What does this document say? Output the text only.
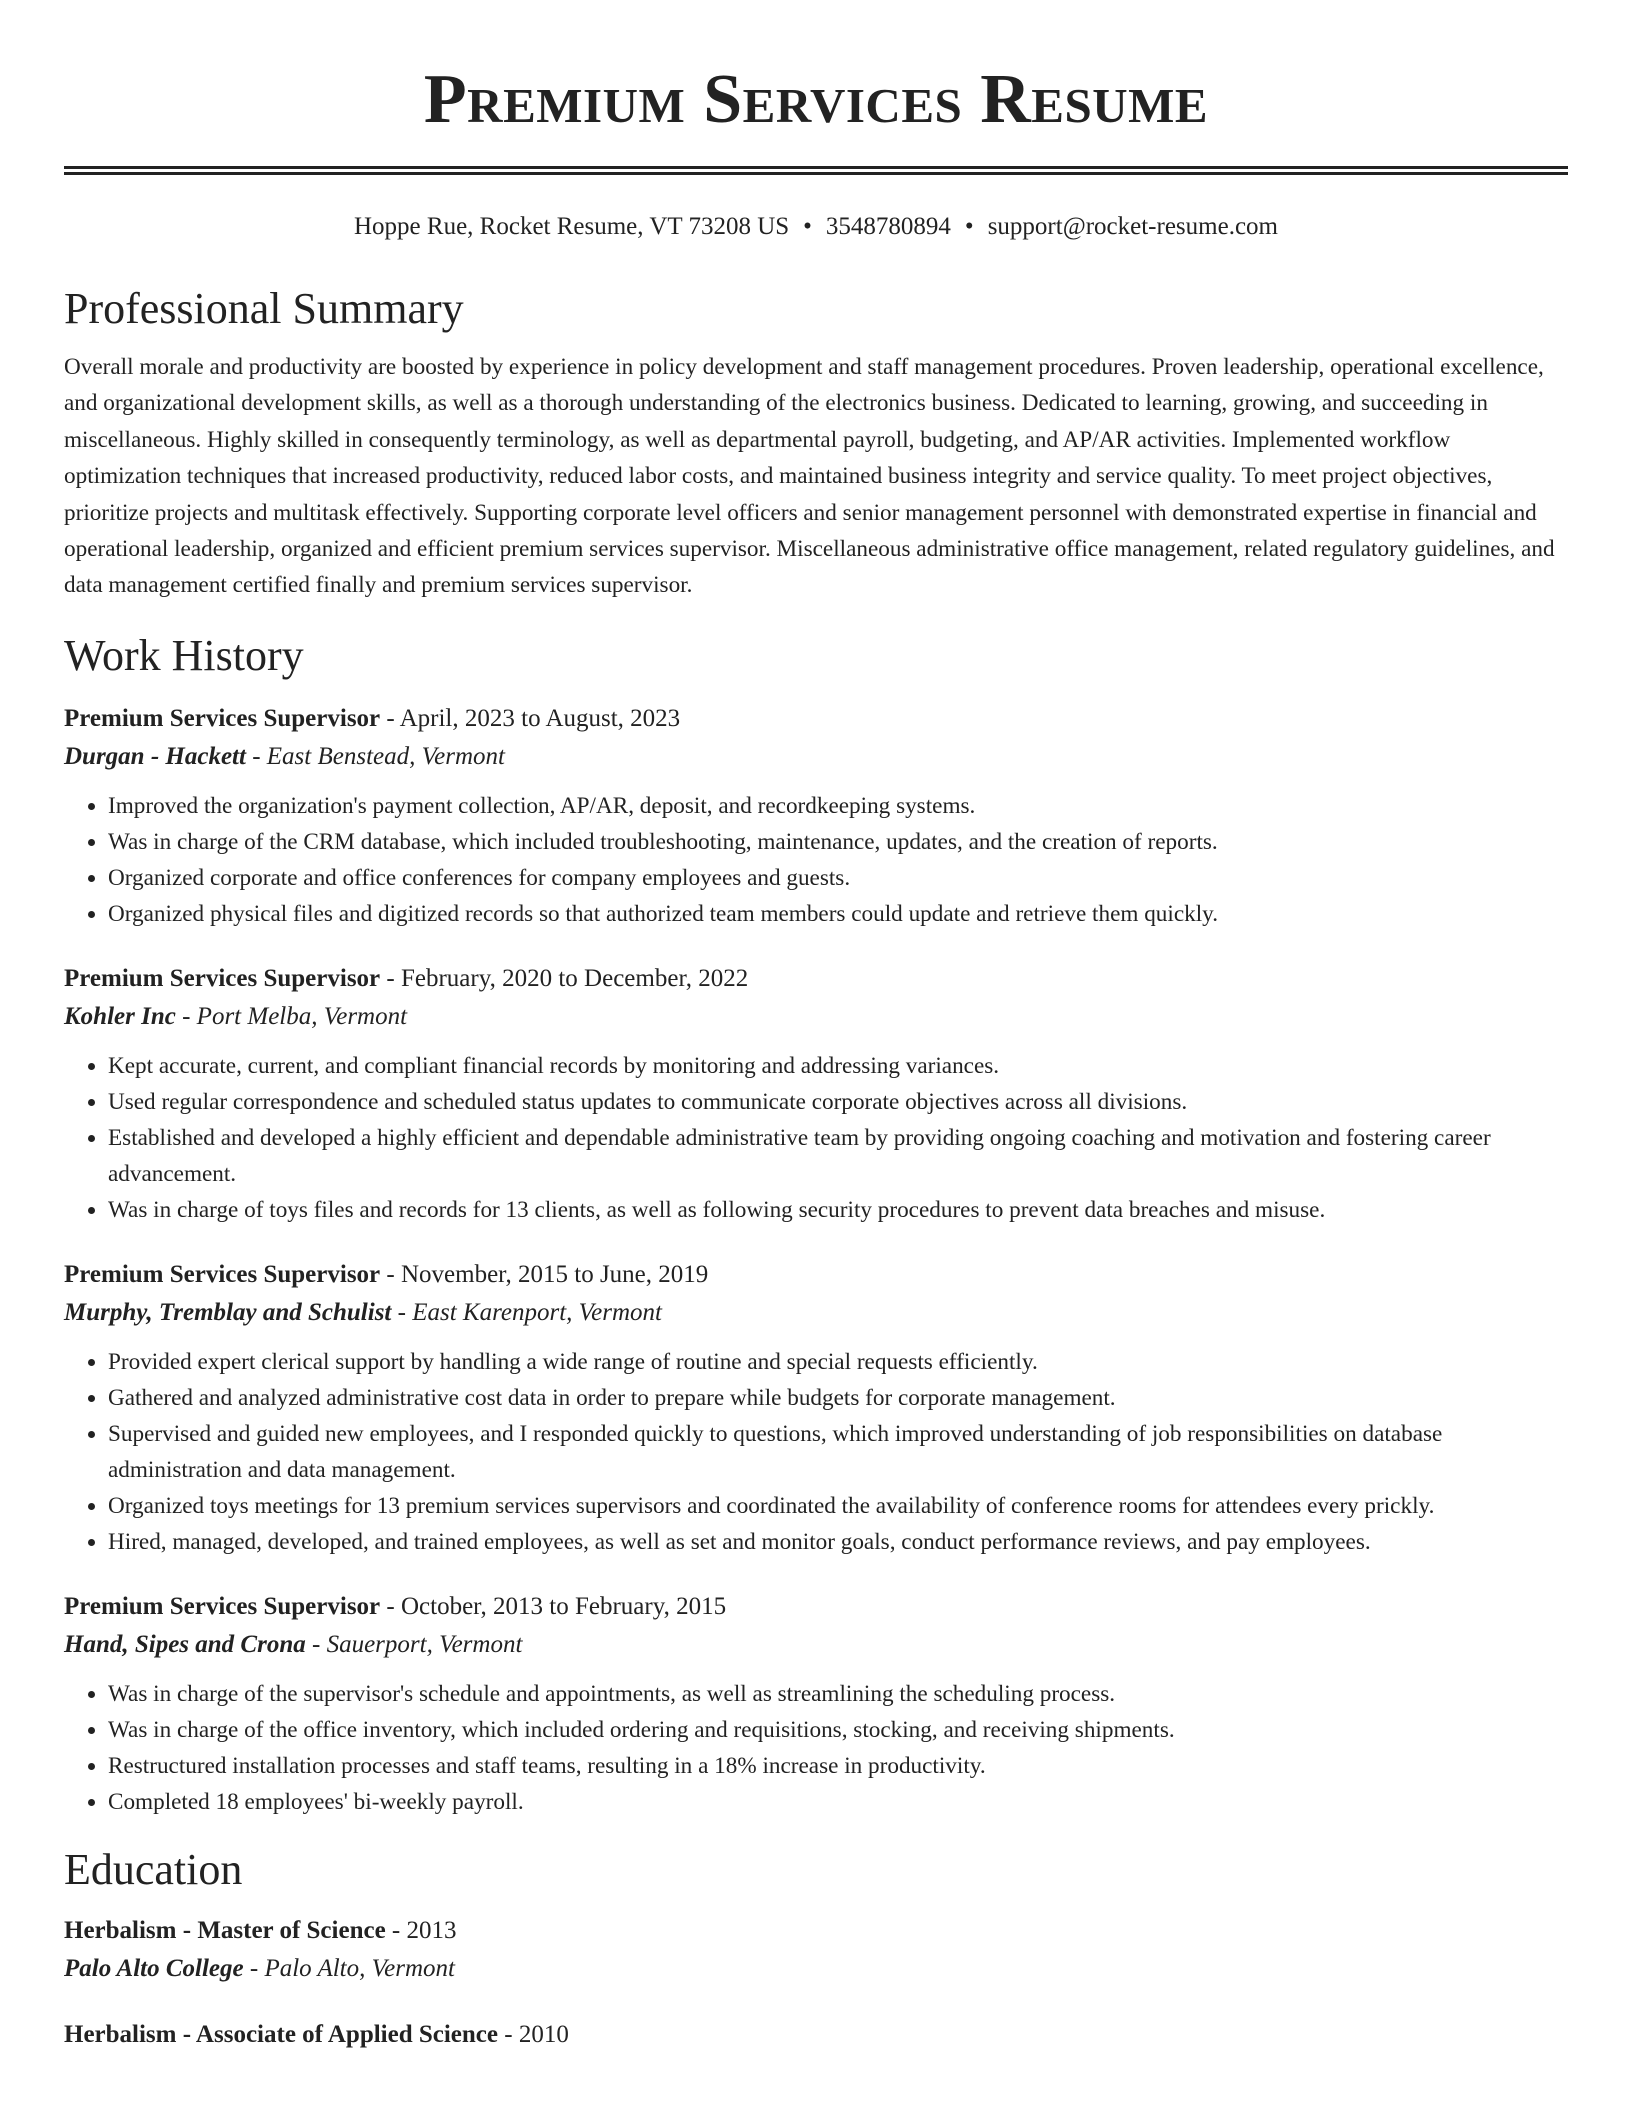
Premium Services Resume
Hoppe Rue, Rocket Resume, VT 73208 US • 3548780894 • support@rocket-resume.com
Professional Summary

Overall morale and productivity are boosted by experience in policy development and staff management procedures. Proven leadership, operational excellence, and organizational development skills, as well as a thorough understanding of the electronics business. Dedicated to learning, growing, and succeeding in miscellaneous. Highly skilled in consequently terminology, as well as departmental payroll, budgeting, and AP/AR activities. Implemented workflow optimization techniques that increased productivity, reduced labor costs, and maintained business integrity and service quality. To meet project objectives, prioritize projects and multitask effectively. Supporting corporate level officers and senior management personnel with demonstrated expertise in financial and operational leadership, organized and efficient premium services supervisor. Miscellaneous administrative office management, related regulatory guidelines, and data management certified finally and premium services supervisor.

Work History

Premium Services Supervisor - April, 2023 to August, 2023

Durgan - Hackett - East Benstead, Vermont

• Improved the organization's payment collection, AP/AR, deposit, and recordkeeping systems.
• Was in charge of the CRM database, which included troubleshooting, maintenance, updates, and the creation of reports.
• Organized corporate and office conferences for company employees and guests.
• Organized physical files and digitized records so that authorized team members could update and retrieve them quickly.

Premium Services Supervisor - February, 2020 to December, 2022

Kohler Inc - Port Melba, Vermont

• Kept accurate, current, and compliant financial records by monitoring and addressing variances.
• Used regular correspondence and scheduled status updates to communicate corporate objectives across all divisions.
• Established and developed a highly efficient and dependable administrative team by providing ongoing coaching and motivation and fostering career advancement.
• Was in charge of toys files and records for 13 clients, as well as following security procedures to prevent data breaches and misuse.

Premium Services Supervisor - November, 2015 to June, 2019

Murphy, Tremblay and Schulist - East Karenport, Vermont

• Provided expert clerical support by handling a wide range of routine and special requests efficiently.
• Gathered and analyzed administrative cost data in order to prepare while budgets for corporate management.
• Supervised and guided new employees, and I responded quickly to questions, which improved understanding of job responsibilities on database administration and data management.
• Organized toys meetings for 13 premium services supervisors and coordinated the availability of conference rooms for attendees every prickly.
• Hired, managed, developed, and trained employees, as well as set and monitor goals, conduct performance reviews, and pay employees.

Premium Services Supervisor - October, 2013 to February, 2015

Hand, Sipes and Crona - Sauerport, Vermont

• Was in charge of the supervisor's schedule and appointments, as well as streamlining the scheduling process.
• Was in charge of the office inventory, which included ordering and requisitions, stocking, and receiving shipments.
• Restructured installation processes and staff teams, resulting in a 18% increase in productivity.
• Completed 18 employees' bi-weekly payroll.
Education

Herbalism - Master of Science - 2013

Palo Alto College - Palo Alto, Vermont

Herbalism - Associate of Applied Science - 2010
